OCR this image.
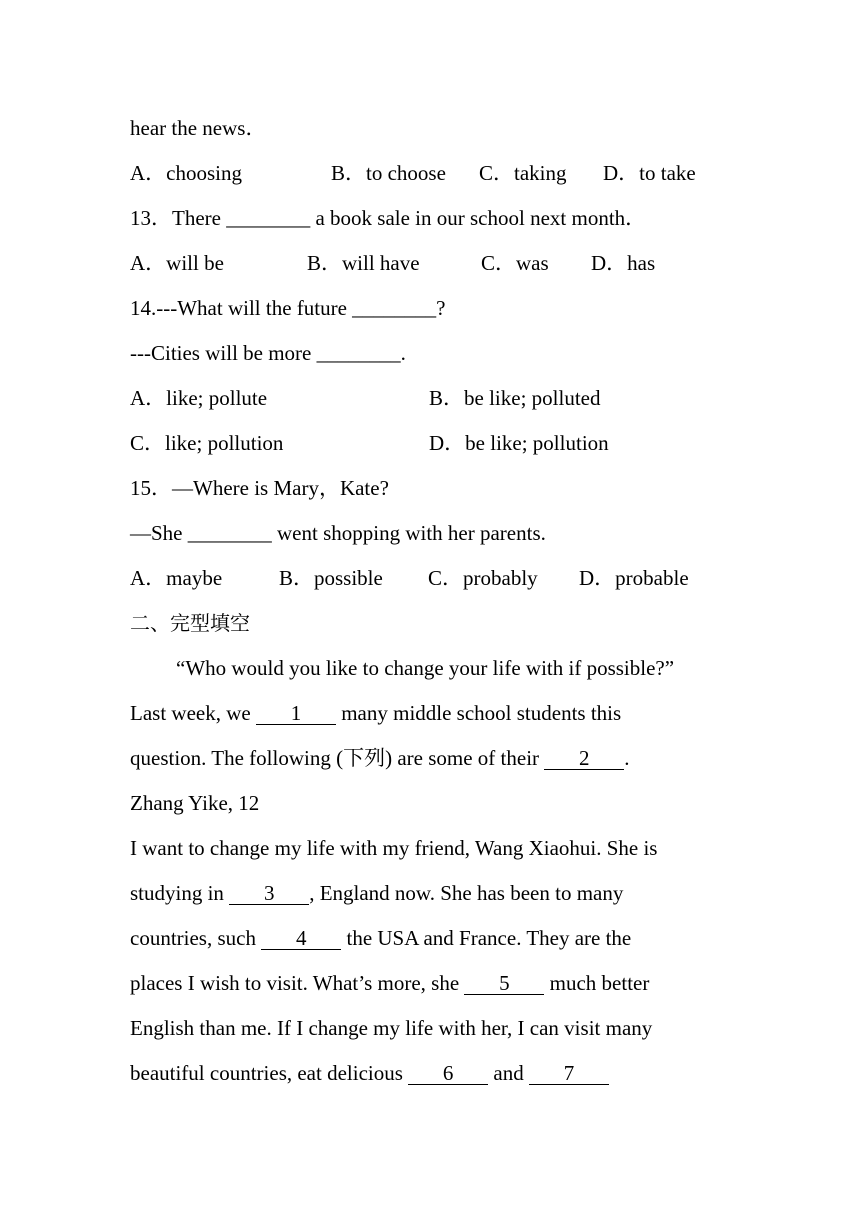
hear the news．
A．choosing	B．to choose C．taking D．to take
13．There ________ a book sale in our school next month．
A．will be	B．will have	C．was D．has
14.---What will the future ________?
---Cities will be more ________.
A．like; pollute	B．be like; polluted
C．like; pollution	D．be like; pollution
15．—Where is Mary，Kate?
—She ________ went shopping with her parents.
A．maybe	B．possible C．probably D．probable
二、完型填空
“Who would you like to change your life with if possible?”
Last week, we 1 many middle school students this
question. The following (下列) are some of their 2 .
Zhang Yike, 12
I want to change my life with my friend, Wang Xiaohui. She is
studying in 3 , England now. She has been to many
countries, such 4 the USA and France. They are the
places I wish to visit. What’s more, she 5 much better
English than me. If I change my life with her, I can visit many
beautiful countries, eat delicious 6 and 7
